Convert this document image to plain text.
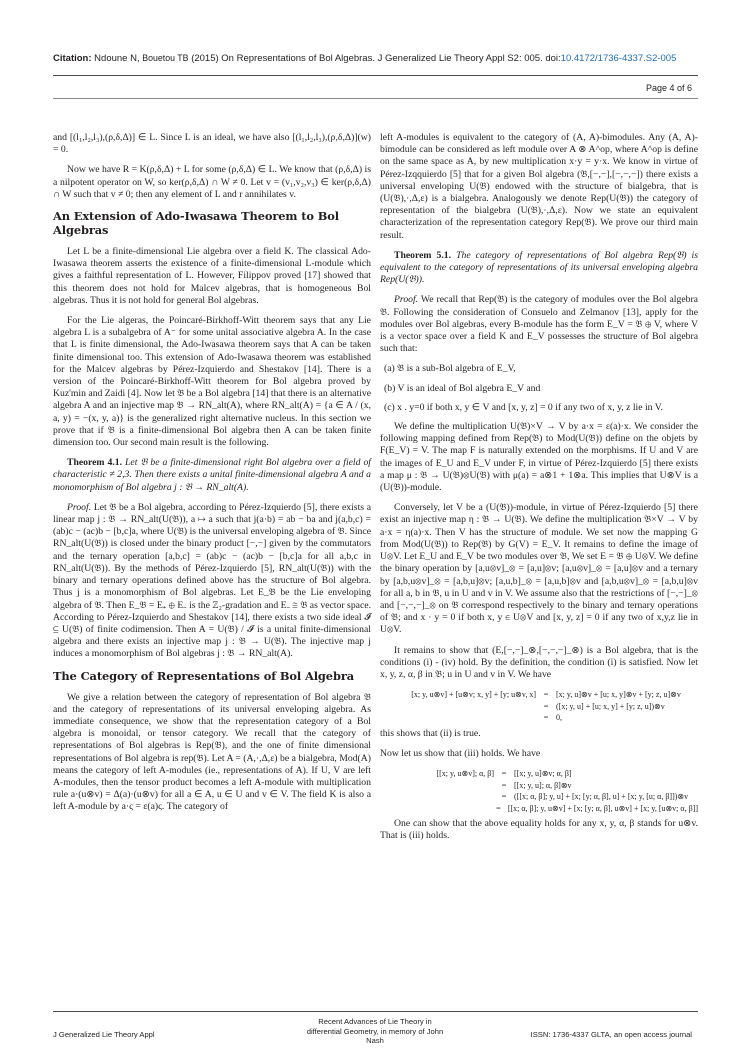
Citation: Ndoune N, Bouetou TB (2015) On Representations of Bol Algebras. J Generalized Lie Theory Appl S2: 005. doi:10.4172/1736-4337.S2-005
Page 4 of 6

and [(l₁,l₂,l₃),(ρ,δ,Δ)] ∈ L. Since L is an ideal, we have also [(l₁,l₂,l₃),(ρ,δ,Δ)](w) = 0.

Now we have R = K(ρ,δ,Δ) + L for some (ρ,δ,Δ) ∈ L. We know that (ρ,δ,Δ) is a nilpotent operator on W, so ker(ρ,δ,Δ) ∩ W ≠ 0. Let v = (v₁,v₂,v₃) ∈ ker(ρ,δ,Δ) ∩ W such that v ≠ 0; then any element of L and r annihilates v.

An Extension of Ado-Iwasawa Theorem to Bol Algebras

Let L be a finite-dimensional Lie algebra over a field K. The classical Ado-Iwasawa theorem asserts the existence of a finite-dimensional L-module which gives a faithful representation of L. However, Filippov proved [17] showed that this theorem does not hold for Malcev algebras, that is homogeneous Bol algebras. Thus it is not hold for general Bol algebras.

For the Lie algeras, the Poincaré-Birkhoff-Witt theorem says that any Lie algebra L is a subalgebra of A⁻ for some unital associative algebra A. In the case that L is finite dimensional, the Ado-Iwasawa theorem says that A can be taken finite dimensional too. This extension of Ado-Iwasawa theorem was established for the Malcev algebras by Pérez-Izquierdo and Shestakov [14]. There is a version of the Poincaré-Birkhoff-Witt theorem for Bol algebra proved by Kuz'min and Zaidi [4]. Now let 𝔅 be a Bol algebra [14] that there is an alternative algebra A and an injective map 𝔅 → RN_alt(A), where RN_alt(A) = {a ∈ A / (x, a, y) = −(x, y, a)} is the generalized right alternative nucleus. In this section we prove that if 𝔅 is a finite-dimensional Bol algebra then A can be taken finite dimension too. Our second main result is the following.

Theorem 4.1. Let 𝔅 be a finite-dimensional right Bol algebra over a field of characteristic ≠ 2,3. Then there exists a unital finite-dimensional algebra A and a monomorphism of Bol algebra j : 𝔅 → RN_alt(A).

Proof. Let 𝔅 be a Bol algebra, according to Pérez-Izquierdo [5], there exists a linear map j : 𝔅 → RN_alt(U(𝔅)), a ↦ a such that j(a·b) = ab − ba and j(a,b,c) = (ab)c − (ac)b − [b,c]a, where U(𝔅) is the universal enveloping algebra of 𝔅. Since RN_alt(U(𝔅)) is closed under the binary product [−,−] given by the commutators and the ternary operation [a,b,c] = (ab)c − (ac)b − [b,c]a for all a,b,c in RN_alt(U(𝔅)). By the methods of Pérez-Izquierdo [5], RN_alt(U(𝔅)) with the binary and ternary operations defined above has the structure of Bol algebra. Thus j is a monomorphism of Bol algebras. Let E_𝔅 be the Lie enveloping algebra of 𝔅. Then E_𝔅 = E₊ ⊕ E₋ is the ℤ₂-gradation and E₋ ≅ 𝔅 as vector space. According to Pérez-Izquierdo and Shestakov [14], there exists a two side ideal 𝓘 ⊆ U(𝔅) of finite codimension. Then A = U(𝔅) / 𝓘 is a unital finite-dimensional algebra and there exists an injective map j : 𝔅 → U(𝔅). The injective map j induces a monomorphism of Bol algebras j : 𝔅 → RN_alt(A).

The Category of Representations of Bol Algebra

We give a relation between the category of representation of Bol algebra 𝔅 and the category of representations of its universal enveloping algebra. As immediate consequence, we show that the representation category of a Bol algebra is monoidal, or tensor category. We recall that the category of representations of Bol algebras is Rep(𝔅), and the one of finite dimensional representations of Bol algebra is rep(𝔅). Let A = (A,·,Δ,ε) be a bialgebra, Mod(A) means the category of left A-modules (ie., representations of A). If U, V are left A-modules, then the tensor product becomes a left A-module with multiplication rule a·(u⊗v) = Δ(a)·(u⊗v) for all a ∈ A, u ∈ U and v ∈ V. The field K is also a left A-module by a·ς = ε(a)ς. The category of

left A-modules is equivalent to the category of (A, A)-bimodules. Any (A, A)-bimodule can be considered as left module over A ⊗ A^op, where A^op is define on the same space as A, by new multiplication x·y = y·x. We know in virtue of Pérez-Izqquierdo [5] that for a given Bol algebra (𝔅,[−,−],[−,−,−]) there exists a universal enveloping U(𝔅) endowed with the structure of bialgebra, that is (U(𝔅),·,Δ,ε) is a bialgebra. Analogously we denote Rep(U(𝔅)) the category of representation of the bialgebra (U(𝔅),·,Δ,ε). Now we state an equivalent characterization of the representation category Rep(𝔅). We prove our third main result.

Theorem 5.1. The category of representations of Bol algebra Rep(𝔅) is equivalent to the category of representations of its universal enveloping algebra Rep(U(𝔅)).

Proof. We recall that Rep(𝔅) is the category of modules over the Bol algebra 𝔅. Following the consideration of Consuelo and Zelmanov [13], apply for the modules over Bol algebras, every B-module has the form E_V = 𝔅 ⊕ V, where V is a vector space over a field K and E_V possesses the structure of Bol algebra such that:

(a) 𝔅 is a sub-Bol algebra of E_V,

(b) V is an ideal of Bol algebra E_V and

(c) x . y=0 if both x, y ∈ V and [x, y, z] = 0 if any two of x, y, z lie in V.

We define the multiplication U(𝔅)×V → V by a·x = ε(a)·x. We consider the following mapping defined from Rep(𝔅) to Mod(U(𝔅)) define on the objets by F(E_V) = V. The map F is naturally extended on the morphisms. If U and V are the images of E_U and E_V under F, in virtue of Pérez-Izquierdo [5] there exists a map μ : 𝔅 → U(𝔅)⊗U(𝔅) with μ(a) = a⊗1 + 1⊗a. This implies that U⊗V is a (U(𝔅))-module.

Conversely, let V be a (U(𝔅))-module, in virtue of Pérez-Izquierdo [5] there exist an injective map η : 𝔅 → U(𝔅). We define the multiplication 𝔅×V → V by a·x = η(a)·x. Then V has the structure of module. We set now the mapping G from Mod(U(𝔅)) to Rep(𝔅) by G(V) = E_V. It remains to define the image of U⊗V. Let E_U and E_V be two modules over 𝔅, We set E = 𝔅 ⊕ U⊗V. We define the binary operation by [a,u⊗v]_⊗ = [a,u]⊗v; [a,u⊗v]_⊗ = [a,u]⊗v and a ternary by [a,b,u⊗v]_⊗ = [a,b,u]⊗v; [a,u,b]_⊗ = [a,u,b]⊗v and [a,b,u⊗v]_⊗ = [a,b,u]⊗v for all a, b in 𝔅, u in U and v in V. We assume also that the restrictions of [−,−]_⊗ and [−,−,−]_⊗ on 𝔅 correspond respectively to the binary and ternary operations of 𝔅; and x · y = 0 if both x, y ∈ U⊗V and [x, y, z] = 0 if any two of x,y,z lie in U⊗V.

It remains to show that (E,[−,−]_⊗,[−,−,−]_⊗) is a Bol algebra, that is the conditions (i) - (iv) hold. By the definition, the condition (i) is satisfied. Now let x, y, z, α, β in 𝔅; u in U and v in V. We have

[x; y, u⊗v] + [u⊗v; x, y] + [y; u⊗v, x] = [x; y, u]⊗v + [u; x, y]⊗v + [y; z, u]⊗v
= ([x; y, u] + [u; x, y] + [y; z, u])⊗v
= 0,

this shows that (ii) is true.

Now let us show that (iii) holds. We have

[[x; y, u⊗v]; α, β] = [[x; y, u]⊗v; α, β]
= [[x; y, u]; α, β]⊗v
= ([[x; α, β]; y, u] + [x; [y; α, β], u] + [x; y, [u; α, β]])⊗v
= [[x; α, β]; y, u⊗v] + [x; [y; α, β], u⊗v] + [x; y, [u⊗v; α, β]]

One can show that the above equality holds for any x, y, α, β stands for u⊗v. That is (iii) holds.

J Generalized Lie Theory Appl
Recent Advances of Lie Theory in differential Geometry, in memory of John Nash
ISSN: 1736-4337 GLTA, an open access journal
